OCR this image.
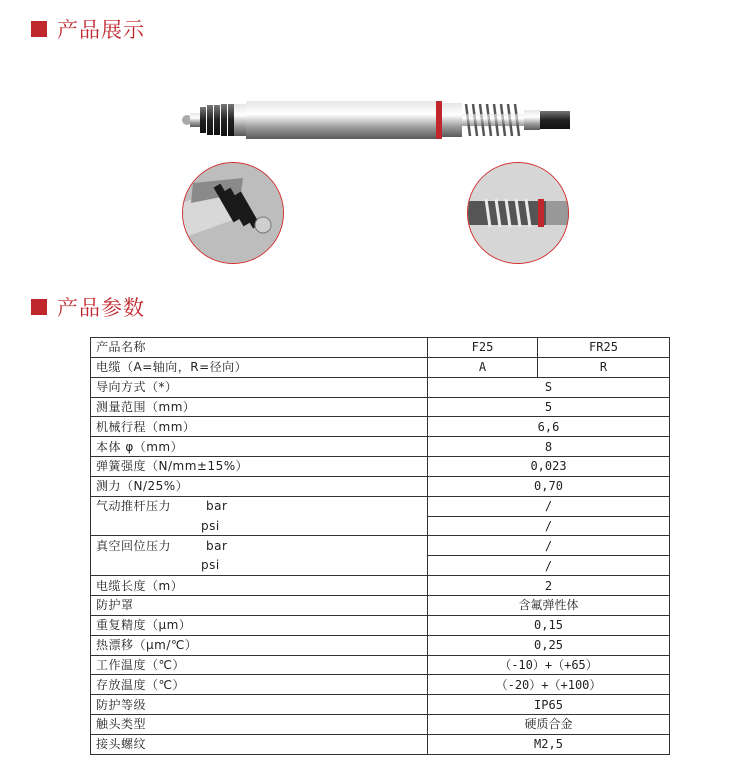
产品展示
产品参数
产品名称	F25	FR25
电缆（A=轴向，R=径向）	A	R
导向方式（*）	S	
测量范围（mm）	5	
机械行程（mm）	6,6	
本体 φ（mm）	8	
弹簧强度（N/mm±15%）	0,023	
测力（N/25%）	0,70	
气动推杆压力 bar	/	
psi	/	
真空回位压力 bar	/	
psi	/	
电缆长度（m）	2	
防护罩	含氟弹性体	
重复精度（μm）	0,15	
热漂移（μm/℃）	0,25	
工作温度（℃）	（-10）+（+65）	
存放温度（℃）	（-20）+（+100）	
防护等级	IP65	
触头类型	硬质合金	
接头螺纹	M2,5	
